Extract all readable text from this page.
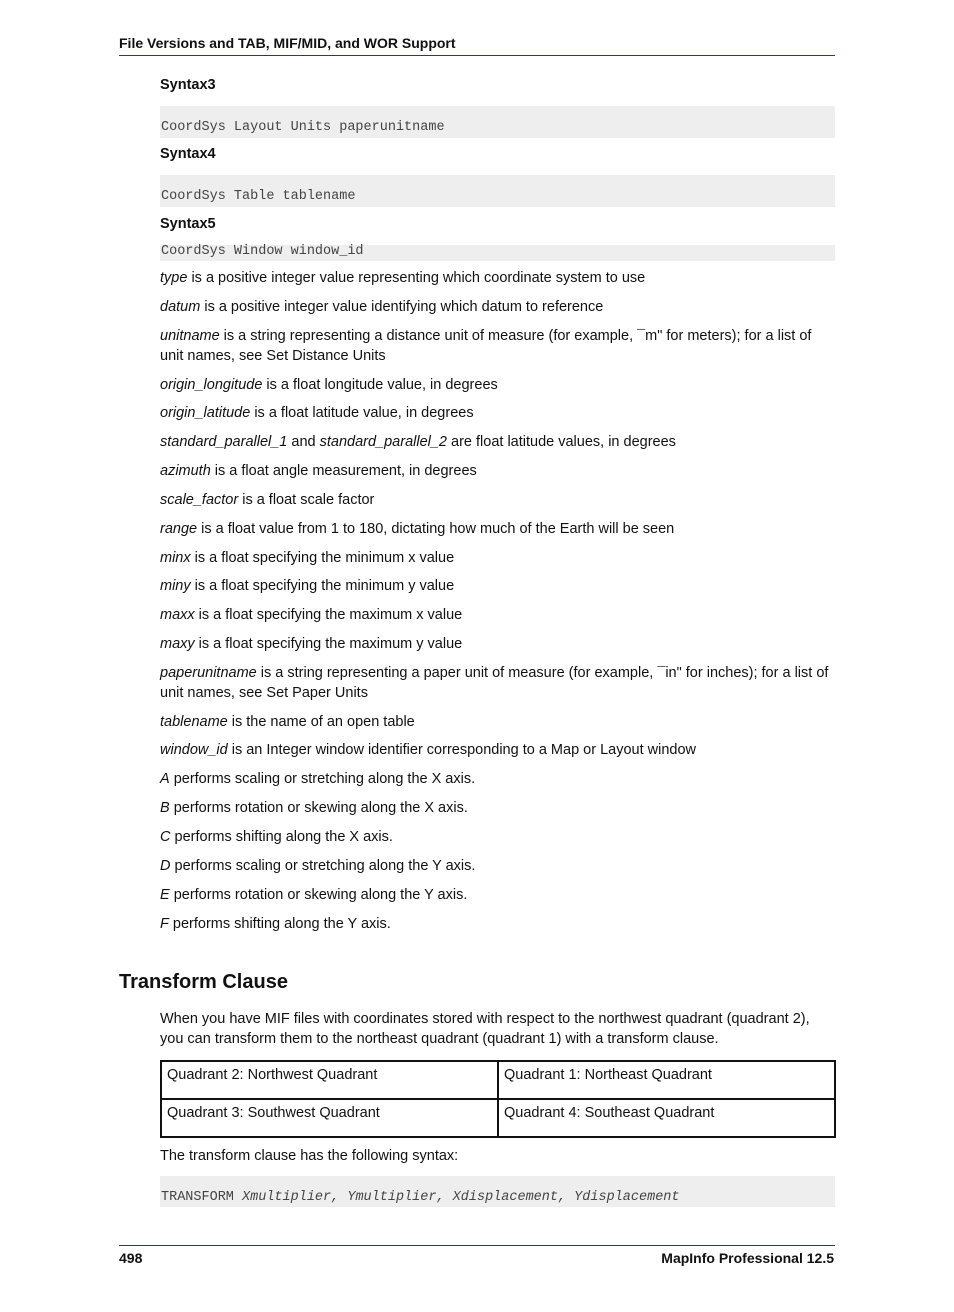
File Versions and TAB, MIF/MID, and WOR Support
Syntax3
CoordSys Layout Units paperunitname
Syntax4
CoordSys Table tablename
Syntax5
CoordSys Window window_id
type is a positive integer value representing which coordinate system to use
datum is a positive integer value identifying which datum to reference
unitname is a string representing a distance unit of measure (for example, ¯m" for meters); for a list of unit names, see Set Distance Units
origin_longitude is a float longitude value, in degrees
origin_latitude is a float latitude value, in degrees
standard_parallel_1 and standard_parallel_2 are float latitude values, in degrees
azimuth is a float angle measurement, in degrees
scale_factor is a float scale factor
range is a float value from 1 to 180, dictating how much of the Earth will be seen
minx is a float specifying the minimum x value
miny is a float specifying the minimum y value
maxx is a float specifying the maximum x value
maxy is a float specifying the maximum y value
paperunitname is a string representing a paper unit of measure (for example, ¯in" for inches); for a list of unit names, see Set Paper Units
tablename is the name of an open table
window_id is an Integer window identifier corresponding to a Map or Layout window
A performs scaling or stretching along the X axis.
B performs rotation or skewing along the X axis.
C performs shifting along the X axis.
D performs scaling or stretching along the Y axis.
E performs rotation or skewing along the Y axis.
F performs shifting along the Y axis.
Transform Clause
When you have MIF files with coordinates stored with respect to the northwest quadrant (quadrant 2), you can transform them to the northeast quadrant (quadrant 1) with a transform clause.
Quadrant 2: Northwest Quadrant	Quadrant 1: Northeast Quadrant
Quadrant 3: Southwest Quadrant	Quadrant 4: Southeast Quadrant
The transform clause has the following syntax:
TRANSFORM Xmultiplier, Ymultiplier, Xdisplacement, Ydisplacement
498	MapInfo Professional 12.5
